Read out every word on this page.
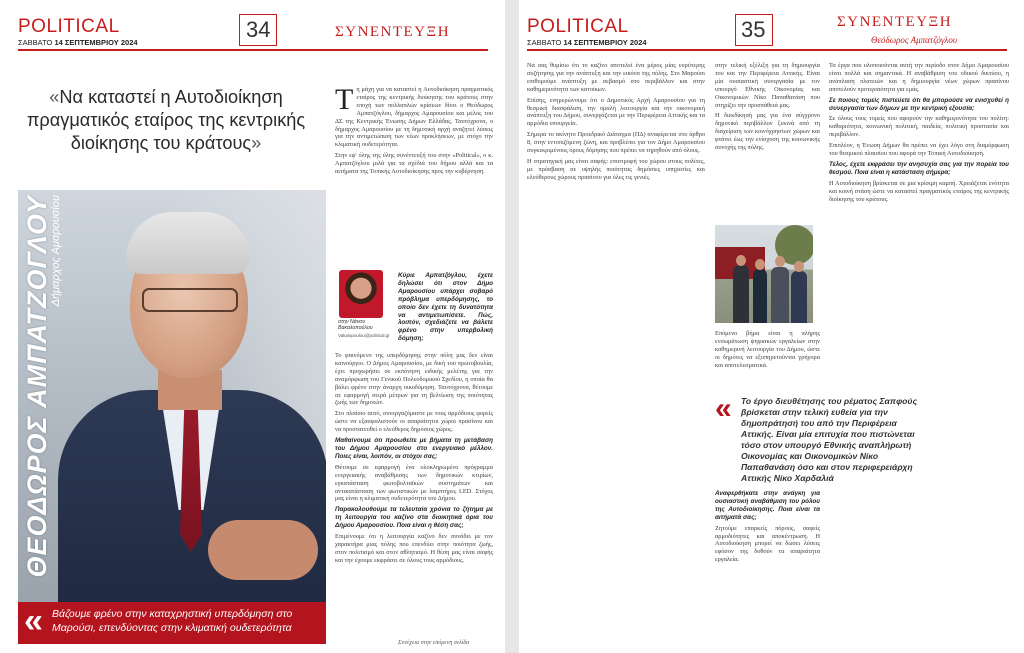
POLITICAL
ΣΑΒΒΑΤΟ 14 ΣΕΠΤΕΜΒΡΙΟΥ 2024
34	ΣΥΝΕΝΤΕΥΞΗ
«Να καταστεί η Αυτοδιοίκηση πραγματικός εταίρος της κεντρικής διοίκησης του κράτους»
ΘΕΟΔΩΡΟΣ ΑΜΠΑΤΖΟΓΛΟΥ
Δήμαρχος Αμαρουσίου
« Βάζουμε φρένο στην καταχρηστική υπερδόμηση στο Μαρούσι, επενδύοντας στην κλιματική ουδετερότητα
Τ η μάχη για να καταστεί η Αυτοδιοίκηση πραγματικός εταίρος της κεντρικής διοίκησης του κράτους στην εποχή των πολλαπλών κρίσεων δίνει ο Θεόδωρος Αμπατζόγλου, δήμαρχος Αμαρουσίου και μέλος του ΔΣ της Κεντρικής Ένωσης Δήμων Ελλάδας. Ταυτόχρονα, ο δήμαρχος Αμαρουσίου με τη δημοτική αρχή αναζητεί λύσεις για την αντιμετώπιση των νέων προκλήσεων, με στόχο την κλιματική ουδετερότητα.

Στην εφ' όλης της ύλης συνέντευξή του στην «Political», ο κ. Αμπατζόγλου μιλά για τα σχέδιά του δήμου αλλά και τα αιτήματα της Τοπικής Αυτοδιοίκησης προς την κυβέρνηση.

στην Νάνσυ Βακαλοπούλου
Vakalopoulou@political.gr

Κύριε Αμπατζόγλου, έχετε δηλώσει ότι στον Δήμο Αμαρουσίου υπάρχει σοβαρό πρόβλημα υπερδόμησης, το οποίο δεν έχετε τη δυνατότητα να αντιμετωπίσετε. Πώς, λοιπόν, σχεδιάζετε να βάλετε φρένο στην υπερβολική δόμηση;

Το φαινόμενο της υπερδόμησης στην πόλη μας δεν είναι καινούργιο. Ο Δήμος Αμαρουσίου, με δική του πρωτοβουλία, έχει προχωρήσει σε εκπόνηση ειδικής μελέτης για την αναμόρφωση του Γενικού Πολεοδομικού Σχεδίου, η οποία θα βάλει φρένο στην άναρχη οικοδόμηση. Ταυτόχρονα, θέτουμε σε εφαρμογή σειρά μέτρων για τη βελτίωση της ποιότητας ζωής των δημοτών.

Στο πλαίσιο αυτό, συνεργαζόμαστε με τους αρμόδιους φορείς ώστε να εξασφαλιστούν οι απαραίτητοι χώροι πρασίνου και να προστατευθεί ο ελεύθερος δημόσιος χώρος.

Μαθαίνουμε ότι προωθείτε με βήματα τη μετάβαση του Δήμου Αμαρουσίου στο ενεργειακό μέλλον. Ποιες είναι, λοιπόν, οι στόχοι σας;

Θέτουμε σε εφαρμογή ένα ολοκληρωμένο πρόγραμμα ενεργειακής αναβάθμισης των δημοτικών κτιρίων, εγκατάσταση φωτοβολταϊκών συστημάτων και αντικατάσταση των φωτιστικών με λαμπτήρες LED. Στόχος μας είναι η κλιματική ουδετερότητα του Δήμου.

Παρακολουθούμε τα τελευταία χρόνια το ζήτημα με τη λειτουργία του καζίνο στα διοικητικά όρια του Δήμου Αμαρουσίου. Ποια είναι η θέση σας;

Επιμένουμε ότι η λειτουργία καζίνο δεν συνάδει με τον χαρακτήρα μιας πόλης που επενδύει στην ποιότητα ζωής, στον πολιτισμό και στον αθλητισμό. Η θέση μας είναι σαφής και την έχουμε εκφράσει σε όλους τους αρμόδιους.

Συνέχεια στην επόμενη σελίδα
POLITICAL
ΣΑΒΒΑΤΟ 14 ΣΕΠΤΕΜΒΡΙΟΥ 2024
35	ΣΥΝΕΝΤΕΥΞΗ
Θεόδωρος Αμπατζόγλου

Να σας θυμίσω ότι το καζίνο αποτελεί ένα μέρος μίας ευρύτερης συζήτησης για την ανάπτυξη και την εικόνα της πόλης. Στο Μαρούσι επιθυμούμε ανάπτυξη με σεβασμό στο περιβάλλον και στην καθημερινότητα των κατοίκων.

Επίσης, ενημερώνουμε ότι ο Δημοτικός Αρχή Αμαρουσίου για τη θεσμική διασφάλιση, την ομαλή λειτουργία και την οικονομική ανάπτυξη του Δήμου, συνεργάζεται με την Περιφέρεια Αττικής και τα αρμόδια υπουργεία.

Σήμερα το ακίνητο Προεδρικό Διάταγμα (ΠΔ) αναφέρεται στο άρθρο 8, στην εντοπιζόμενη ζώνη, και προβλέπει για τον Δήμο Αμαρουσίου συγκεκριμένους όρους δόμησης που πρέπει να τηρηθούν από όλους.

Η στρατηγική μας είναι σαφής: επιστροφή του χώρου στους πολίτες, με πρόσβαση σε υψηλής ποιότητας δημόσιες υπηρεσίες και ελεύθερους χώρους πρασίνου για όλες τις γενιές.

στην τελική εξέλιξη για τη δημιουργία του και την Περιφέρεια Αττικής. Είναι μία ουσιαστική συνεργασία με τον υπουργό Εθνικής Οικονομίας και Οικονομικών Νίκο Παπαθανάση που στηρίζει την προσπάθειά μας.

Η διεκδίκησή μας για ένα σύγχρονο δημοτικό περιβάλλον ξεκινά από τη διαχείριση των κοινόχρηστων χώρων και φτάνει έως την ενίσχυση της κοινωνικής συνοχής της πόλης.

Επόμενο βήμα είναι η πλήρης ενσωμάτωση ψηφιακών εργαλείων στην καθημερινή λειτουργία του Δήμου, ώστε οι δημότες να εξυπηρετούνται γρήγορα και αποτελεσματικά.

« Το έργο διευθέτησης του ρέματος Σαπφούς βρίσκεται στην τελική ευθεία για την δημοπράτησή του από την Περιφέρεια Αττικής. Είναι μία επιτυχία που πιστώνεται τόσο στον υπουργό Εθνικής αναπλήρωτή Οικονομίας και Οικονομικών Νίκο Παπαθανάση όσο και στον περιφερειάρχη Αττικής Νίκο Χαρδαλιά

Αναφερθήκατε στην ανάγκη για ουσιαστική αναβάθμιση του ρόλου της Αυτοδιοίκησης. Ποια είναι τα αιτήματά σας;

Ζητούμε επαρκείς πόρους, σαφείς αρμοδιότητες και αποκέντρωση. Η Αυτοδιοίκηση μπορεί να δώσει λύσεις εφόσον της δοθούν τα απαραίτητα εργαλεία.

Τα έργα που υλοποιούνται αυτή την περίοδο στον Δήμο Αμαρουσίου είναι πολλά και σημαντικά. Η αναβάθμιση του οδικού δικτύου, η ανάπλαση πλατειών και η δημιουργία νέων χώρων πρασίνου αποτελούν προτεραιότητα για εμάς.

Σε ποιους τομείς πιστεύετε ότι θα μπορούσε να ενισχυθεί η συνεργασία των δήμων με την κεντρική εξουσία;

Σε όλους τους τομείς που αφορούν την καθημερινότητα του πολίτη: καθαριότητα, κοινωνική πολιτική, παιδεία, πολιτική προστασία και περιβάλλον.

Επιπλέον, η Ένωση Δήμων θα πρέπει να έχει λόγο στη διαμόρφωση του θεσμικού πλαισίου που αφορά την Τοπική Αυτοδιοίκηση.

Τέλος, έχετε εκφράσει την ανησυχία σας για την πορεία του θεσμού. Ποια είναι η κατάσταση σήμερα;

Η Αυτοδιοίκηση βρίσκεται σε μια κρίσιμη καμπή. Χρειάζεται ενότητα και κοινή στάση ώστε να καταστεί πραγματικός εταίρος της κεντρικής διοίκησης του κράτους.
